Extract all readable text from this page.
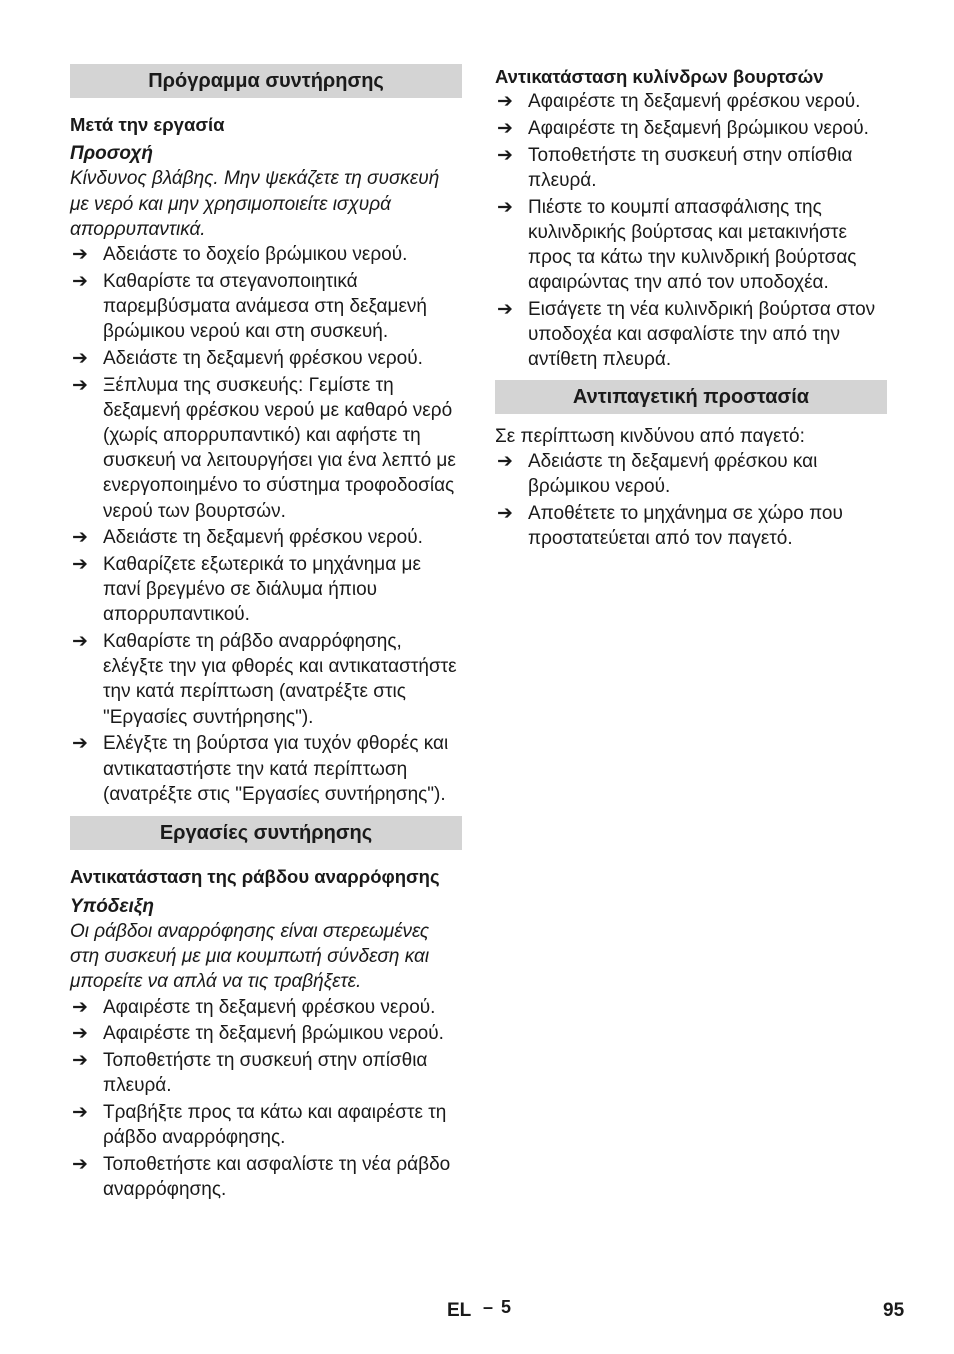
Πρόγραμμα συντήρησης

Μετά την εργασία

Προσοχή

Κίνδυνος βλάβης. Μην ψεκάζετε τη συσκευή με νερό και μην χρησιμοποιείτε ισχυρά απορρυπαντικά.

➔ Αδειάστε το δοχείο βρώμικου νερού.
➔ Καθαρίστε τα στεγανοποιητικά παρεμβύσματα ανάμεσα στη δεξαμενή βρώμικου νερού και στη συσκευή.
➔ Αδειάστε τη δεξαμενή φρέσκου νερού.
➔ Ξέπλυμα της συσκευής: Γεμίστε τη δεξαμενή φρέσκου νερού με καθαρό νερό (χωρίς απορρυπαντικό) και αφήστε τη συσκευή να λειτουργήσει για ένα λεπτό με ενεργοποιημένο το σύστημα τροφοδοσίας νερού των βουρτσών.
➔ Αδειάστε τη δεξαμενή φρέσκου νερού.
➔ Καθαρίζετε εξωτερικά το μηχάνημα με πανί βρεγμένο σε διάλυμα ήπιου απορρυπαντικού.
➔ Καθαρίστε τη ράβδο αναρρόφησης, ελέγξτε την για φθορές και αντικαταστήστε την κατά περίπτωση (ανατρέξτε στις "Εργασίες συντήρησης").
➔ Ελέγξτε τη βούρτσα για τυχόν φθορές και αντικαταστήστε την κατά περίπτωση (ανατρέξτε στις "Εργασίες συντήρησης").
Εργασίες συντήρησης

Αντικατάσταση της ράβδου αναρρόφησης

Υπόδειξη

Οι ράβδοι αναρρόφησης είναι στερεωμένες στη συσκευή με μια κουμπωτή σύνδεση και μπορείτε να απλά να τις τραβήξετε.

➔ Αφαιρέστε τη δεξαμενή φρέσκου νερού.
➔ Αφαιρέστε τη δεξαμενή βρώμικου νερού.
➔ Τοποθετήστε τη συσκευή στην οπίσθια πλευρά.
➔ Τραβήξτε προς τα κάτω και αφαιρέστε τη ράβδο αναρρόφησης.
➔ Τοποθετήστε και ασφαλίστε τη νέα ράβδο αναρρόφησης.

Αντικατάσταση κυλίνδρων βουρτσών

➔ Αφαιρέστε τη δεξαμενή φρέσκου νερού.
➔ Αφαιρέστε τη δεξαμενή βρώμικου νερού.
➔ Τοποθετήστε τη συσκευή στην οπίσθια πλευρά.
➔ Πιέστε το κουμπί απασφάλισης της κυλινδρικής βούρτσας και μετακινήστε προς τα κάτω την κυλινδρική βούρτσας αφαιρώντας την από τον υποδοχέα.
➔ Εισάγετε τη νέα κυλινδρική βούρτσα στον υποδοχέα και ασφαλίστε την από την αντίθετη πλευρά.
Αντιπαγετική προστασία

Σε περίπτωση κινδύνου από παγετό:

➔ Αδειάστε τη δεξαμενή φρέσκου και βρώμικου νερού.
➔ Αποθέτετε το μηχάνημα σε χώρο που προστατεύεται από τον παγετό.
EL – 5	95
